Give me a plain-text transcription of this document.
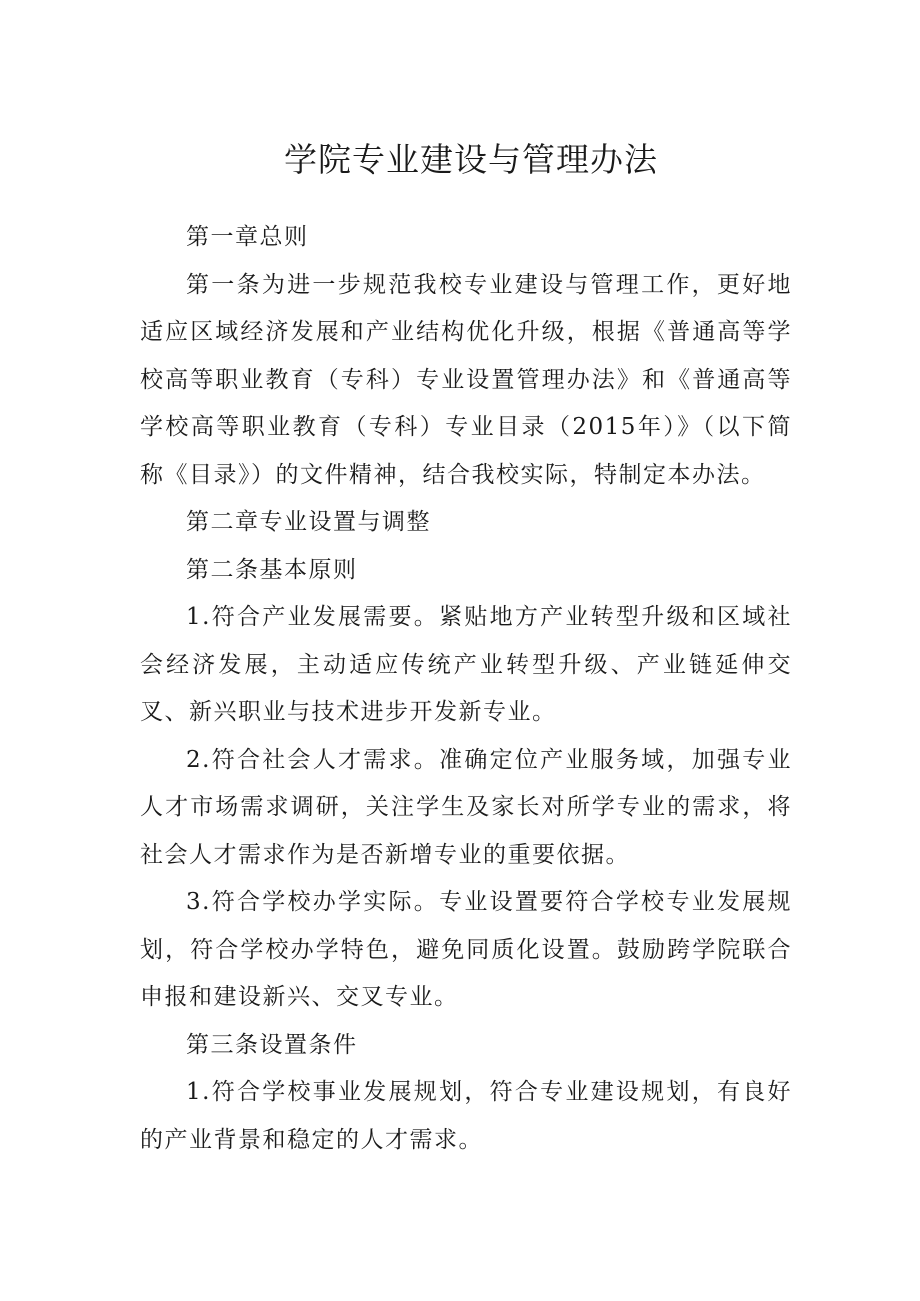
学院专业建设与管理办法

第一章总则

第一条为进一步规范我校专业建设与管理工作，更好地适应区域经济发展和产业结构优化升级，根据《普通高等学校高等职业教育（专科）专业设置管理办法》和《普通高等学校高等职业教育（专科）专业目录（2015年）》（以下简称《目录》）的文件精神，结合我校实际，特制定本办法。

第二章专业设置与调整

第二条基本原则

1.符合产业发展需要。紧贴地方产业转型升级和区域社会经济发展，主动适应传统产业转型升级、产业链延伸交叉、新兴职业与技术进步开发新专业。

2.符合社会人才需求。准确定位产业服务域，加强专业人才市场需求调研，关注学生及家长对所学专业的需求，将社会人才需求作为是否新增专业的重要依据。

3.符合学校办学实际。专业设置要符合学校专业发展规划，符合学校办学特色，避免同质化设置。鼓励跨学院联合申报和建设新兴、交叉专业。

第三条设置条件

1.符合学校事业发展规划，符合专业建设规划，有良好的产业背景和稳定的人才需求。
